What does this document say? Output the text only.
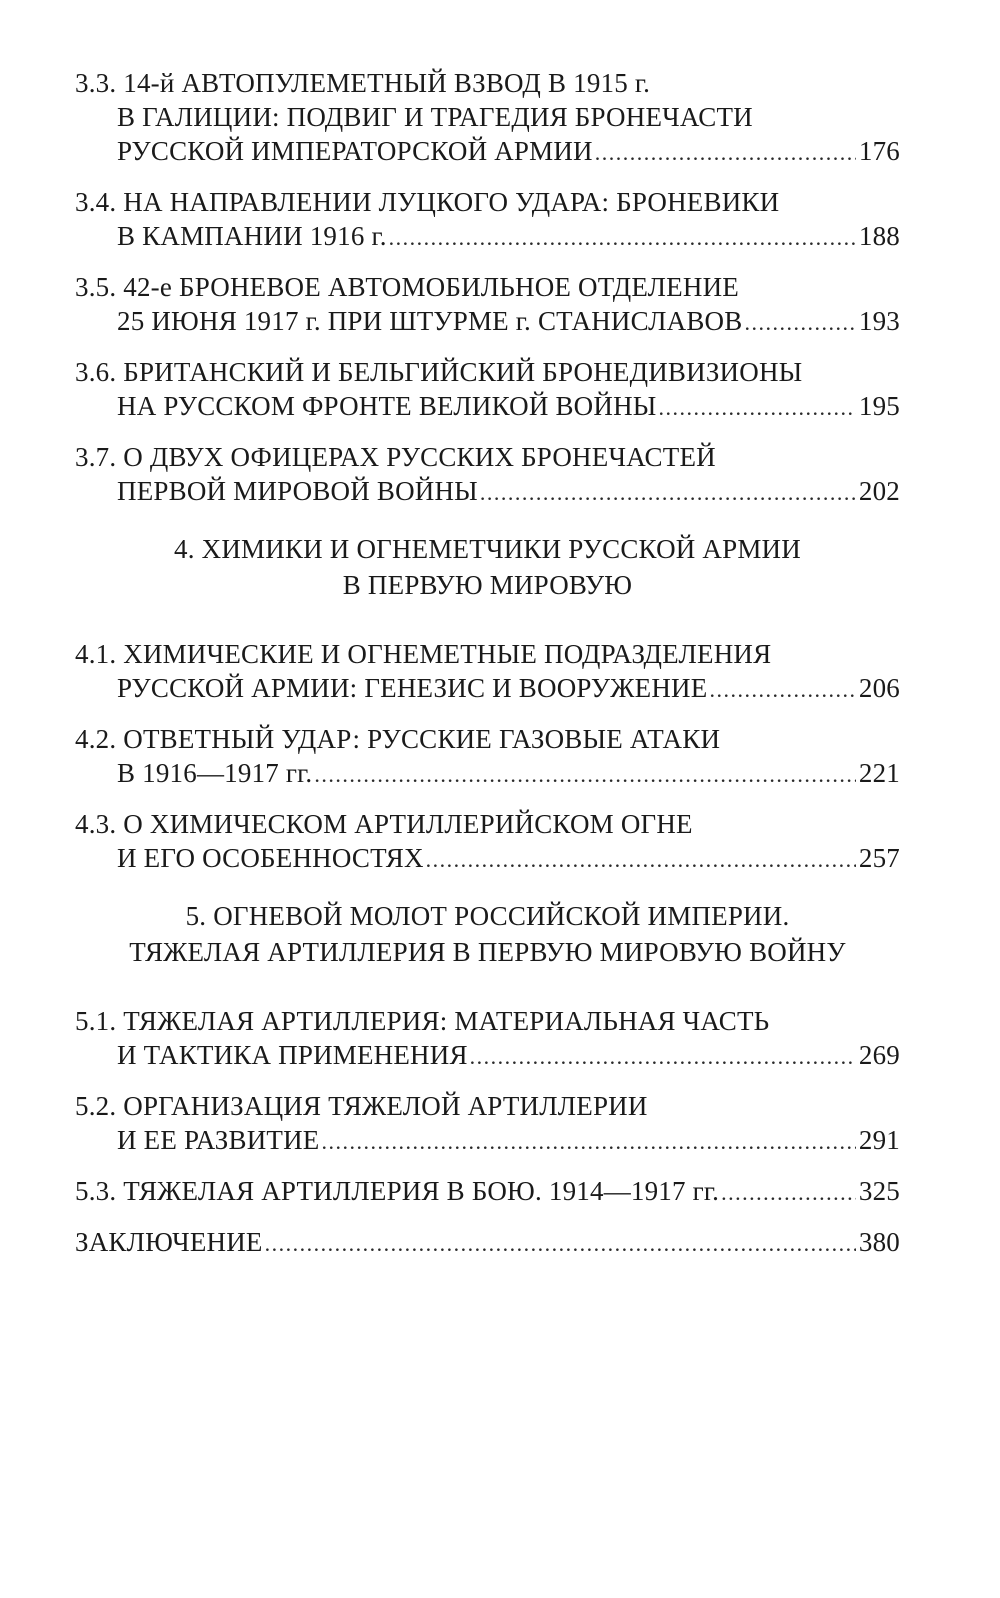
3.3. 14-й АВТОПУЛЕМЕТНЫЙ ВЗВОД В 1915 г.
В ГАЛИЦИИ: ПОДВИГ И ТРАГЕДИЯ БРОНЕЧАСТИ
РУССКОЙ ИМПЕРАТОРСКОЙ АРМИИ .....	176
3.4. НА НАПРАВЛЕНИИ ЛУЦКОГО УДАРА: БРОНЕВИКИ
В КАМПАНИИ 1916 г. .....	188
3.5. 42-е БРОНЕВОЕ АВТОМОБИЛЬНОЕ ОТДЕЛЕНИЕ
25 ИЮНЯ 1917 г. ПРИ ШТУРМЕ г. СТАНИСЛАВОВ .....	193
3.6. БРИТАНСКИЙ И БЕЛЬГИЙСКИЙ БРОНЕДИВИЗИОНЫ
НА РУССКОМ ФРОНТЕ ВЕЛИКОЙ ВОЙНЫ .....	195
3.7. О ДВУХ ОФИЦЕРАХ РУССКИХ БРОНЕЧАСТЕЙ
ПЕРВОЙ МИРОВОЙ ВОЙНЫ .....	202
4. ХИМИКИ И ОГНЕМЕТЧИКИ РУССКОЙ АРМИИ
В ПЕРВУЮ МИРОВУЮ
4.1. ХИМИЧЕСКИЕ И ОГНЕМЕТНЫЕ ПОДРАЗДЕЛЕНИЯ
РУССКОЙ АРМИИ: ГЕНЕЗИС И ВООРУЖЕНИЕ .....	206
4.2. ОТВЕТНЫЙ УДАР: РУССКИЕ ГАЗОВЫЕ АТАКИ
В 1916—1917 гг. .....	221
4.3. О ХИМИЧЕСКОМ АРТИЛЛЕРИЙСКОМ ОГНЕ
И ЕГО ОСОБЕННОСТЯХ .....	257
5. ОГНЕВОЙ МОЛОТ РОССИЙСКОЙ ИМПЕРИИ.
ТЯЖЕЛАЯ АРТИЛЛЕРИЯ В ПЕРВУЮ МИРОВУЮ ВОЙНУ
5.1. ТЯЖЕЛАЯ АРТИЛЛЕРИЯ: МАТЕРИАЛЬНАЯ ЧАСТЬ
И ТАКТИКА ПРИМЕНЕНИЯ .....	269
5.2. ОРГАНИЗАЦИЯ ТЯЖЕЛОЙ АРТИЛЛЕРИИ
И ЕЕ РАЗВИТИЕ .....	291
5.3. ТЯЖЕЛАЯ АРТИЛЛЕРИЯ В БОЮ. 1914—1917 гг. .....	325
ЗАКЛЮЧЕНИЕ .....	380
